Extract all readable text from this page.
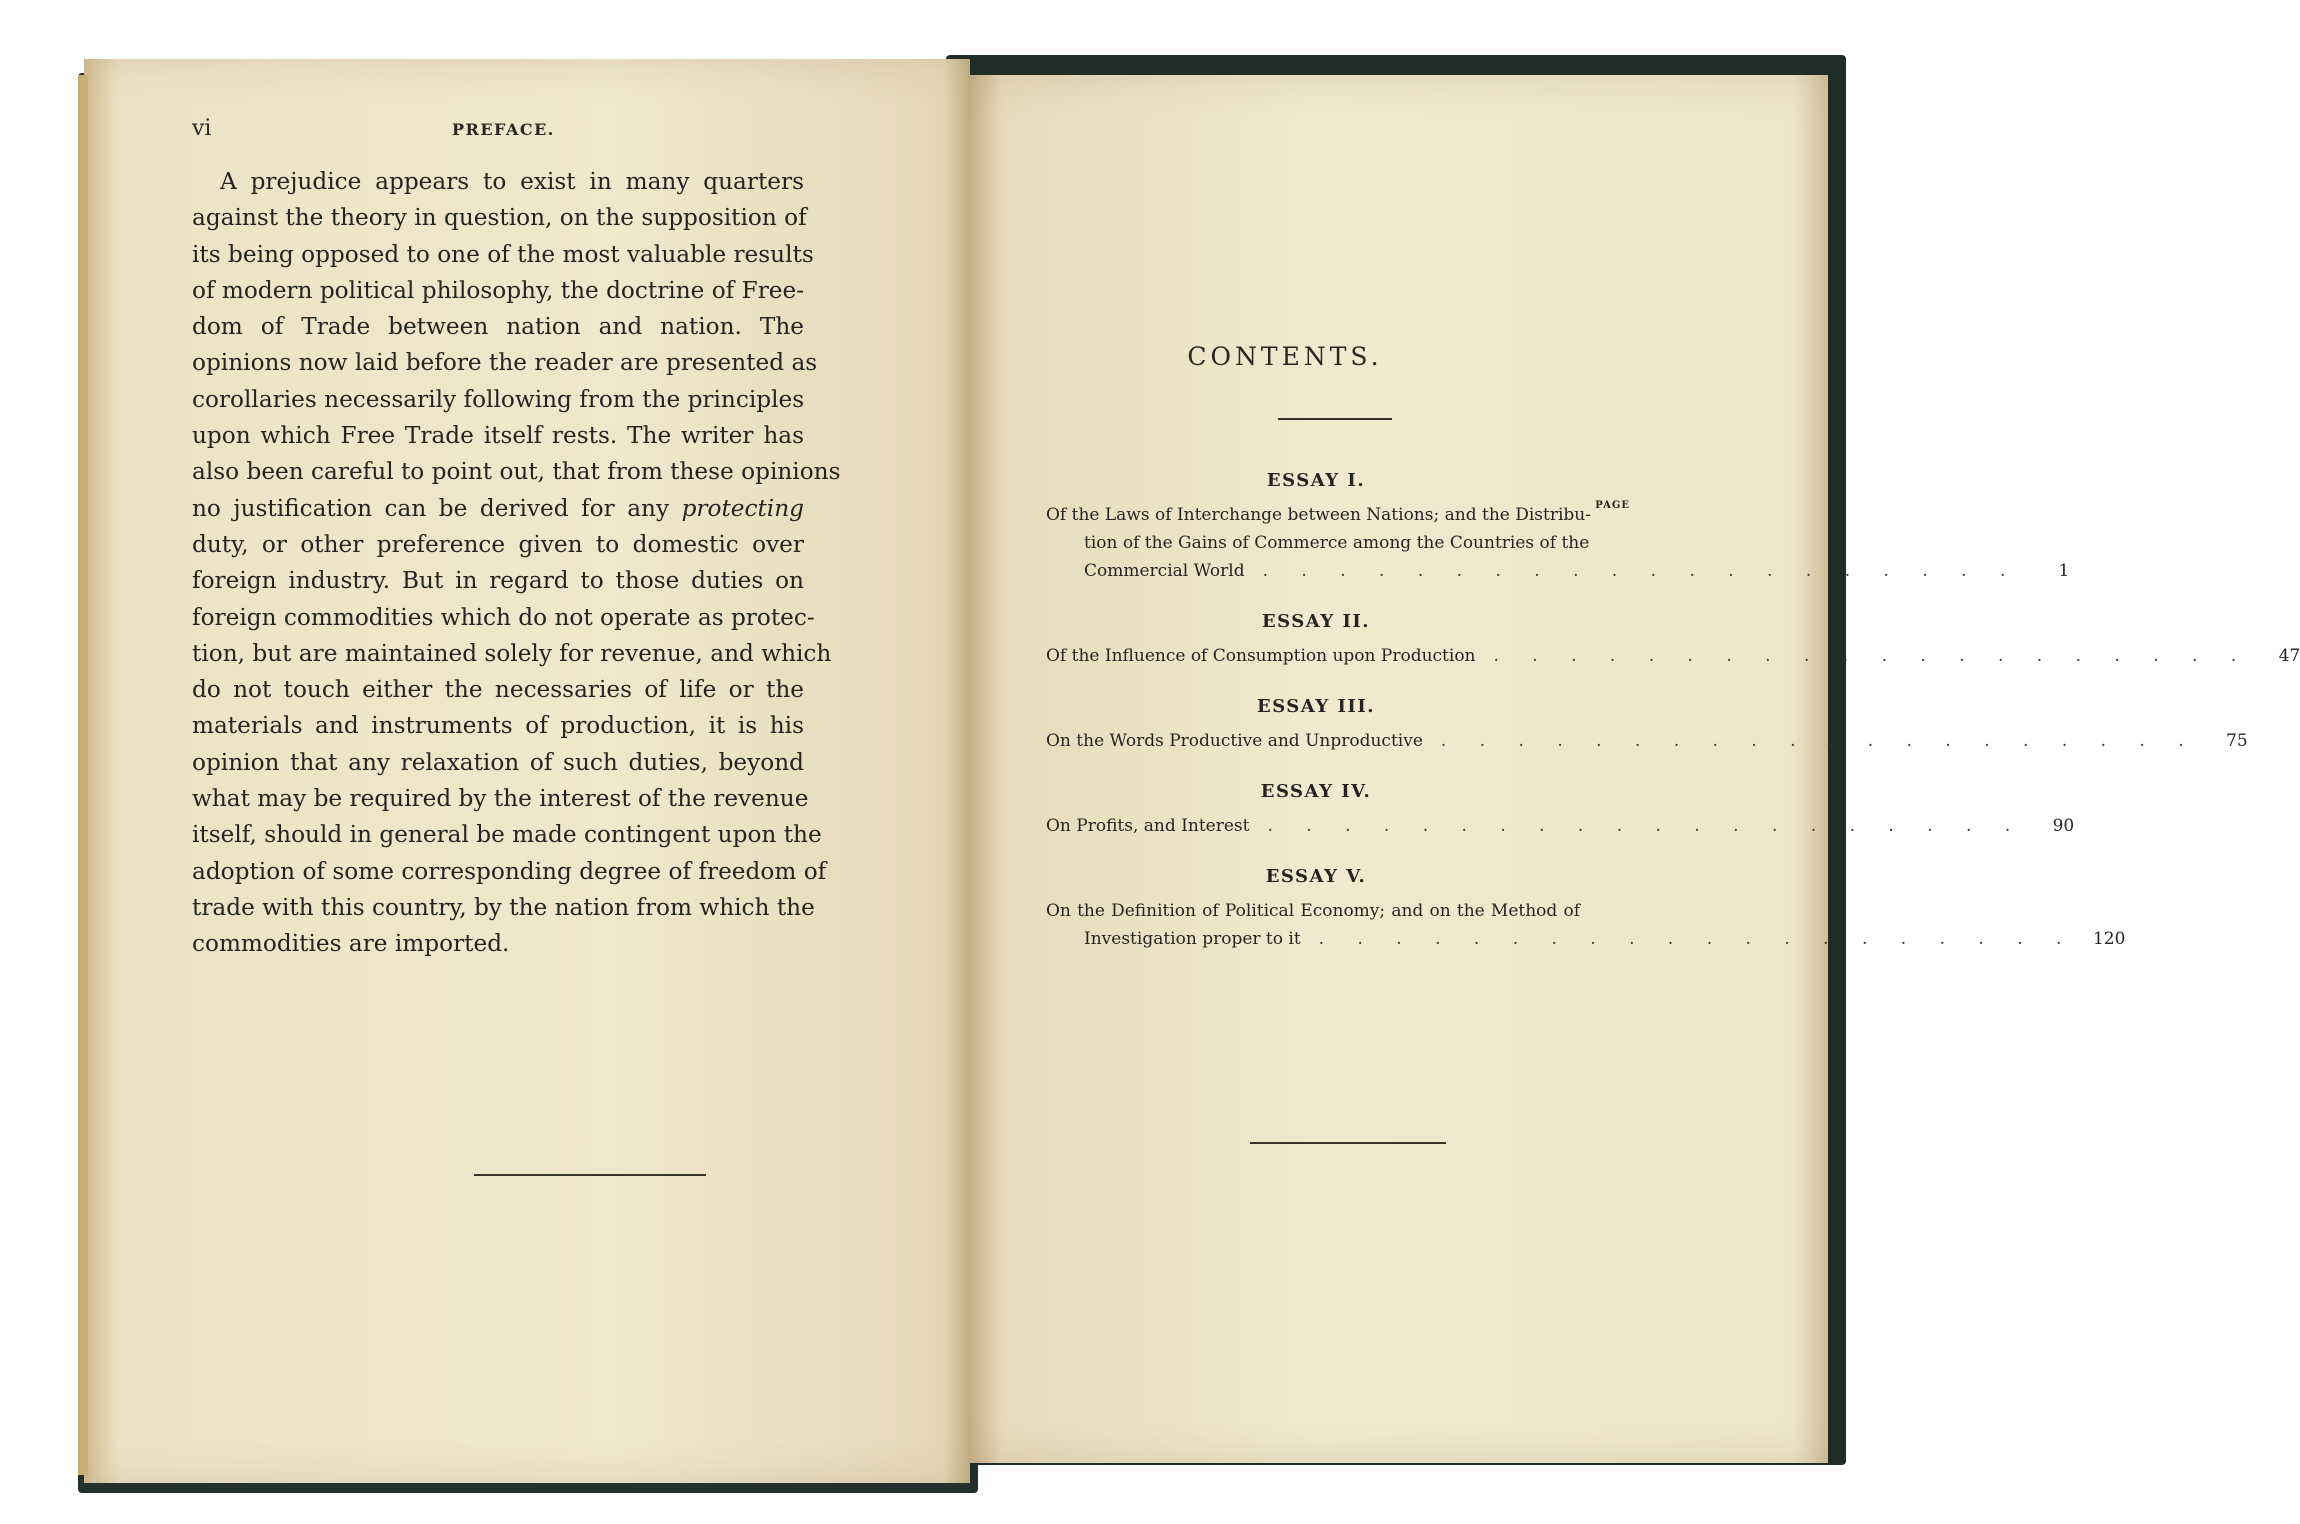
vi	PREFACE.
A prejudice appears to exist in many quarters
against the theory in question, on the supposition of
its being opposed to one of the most valuable results
of modern political philosophy, the doctrine of Free-
dom of Trade between nation and nation. The
opinions now laid before the reader are presented as
corollaries necessarily following from the principles
upon which Free Trade itself rests. The writer has
also been careful to point out, that from these opinions
no justification can be derived for any protecting
duty, or other preference given to domestic over
foreign industry. But in regard to those duties on
foreign commodities which do not operate as protec-
tion, but are maintained solely for revenue, and which
do not touch either the necessaries of life or the
materials and instruments of production, it is his
opinion that any relaxation of such duties, beyond
what may be required by the interest of the revenue
itself, should in general be made contingent upon the
adoption of some corresponding degree of freedom of
trade with this country, by the nation from which the
commodities are imported.
CONTENTS.
PAGE
ESSAY I.
Of the Laws of Interchange between Nations; and the Distribu-
tion of the Gains of Commerce among the Countries of the
Commercial World	. . . . . . . . . . . . . . . . . . . .	1
ESSAY II.
Of the Influence of Consumption upon Production	. . . . . . . . . . . . . . . . . . . .	47
ESSAY III.
On the Words Productive and Unproductive	. . . . . . . . . . . . . . . . . . . .	75
ESSAY IV.
On Profits, and Interest	. . . . . . . . . . . . . . . . . . . .	90
ESSAY V.
On the Definition of Political Economy; and on the Method of
Investigation proper to it	. . . . . . . . . . . . . . . . . . . .	120
